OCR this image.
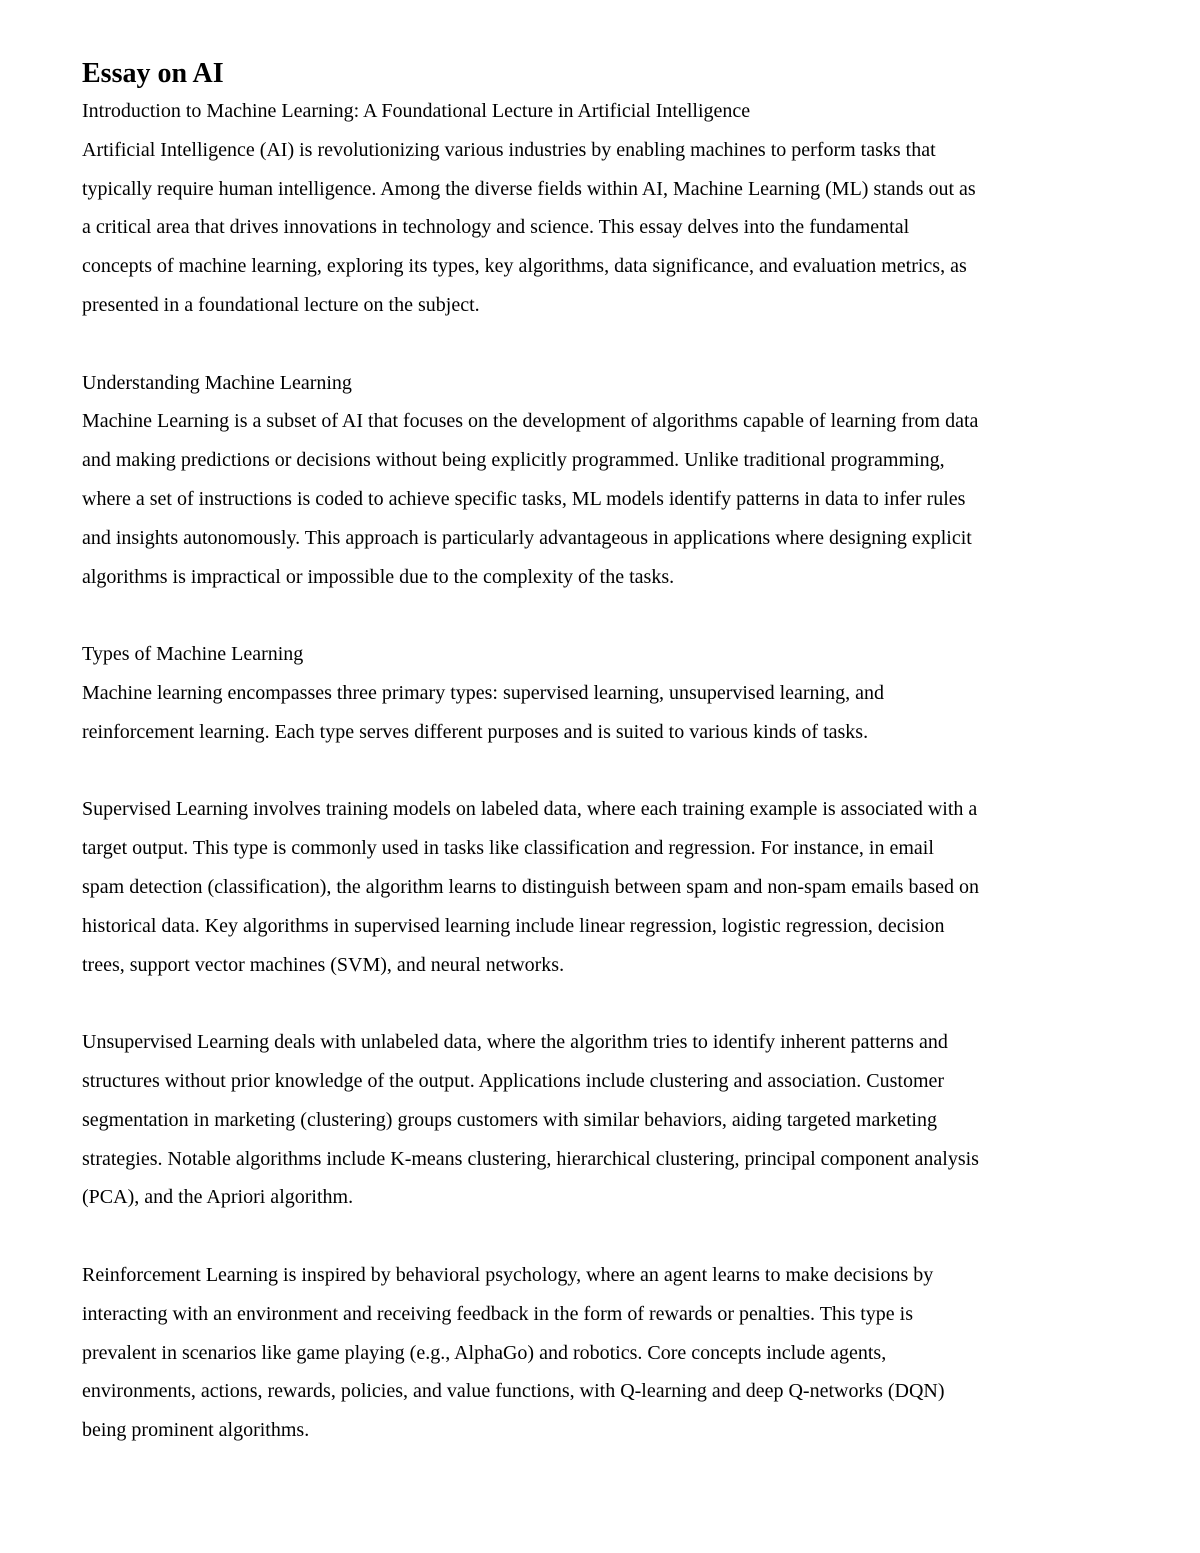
Essay on AI

Introduction to Machine Learning: A Foundational Lecture in Artificial Intelligence

Artificial Intelligence (AI) is revolutionizing various industries by enabling machines to perform tasks that

typically require human intelligence. Among the diverse fields within AI, Machine Learning (ML) stands out as

a critical area that drives innovations in technology and science. This essay delves into the fundamental

concepts of machine learning, exploring its types, key algorithms, data significance, and evaluation metrics, as

presented in a foundational lecture on the subject.

Understanding Machine Learning

Machine Learning is a subset of AI that focuses on the development of algorithms capable of learning from data

and making predictions or decisions without being explicitly programmed. Unlike traditional programming,

where a set of instructions is coded to achieve specific tasks, ML models identify patterns in data to infer rules

and insights autonomously. This approach is particularly advantageous in applications where designing explicit

algorithms is impractical or impossible due to the complexity of the tasks.

Types of Machine Learning

Machine learning encompasses three primary types: supervised learning, unsupervised learning, and

reinforcement learning. Each type serves different purposes and is suited to various kinds of tasks.

Supervised Learning involves training models on labeled data, where each training example is associated with a

target output. This type is commonly used in tasks like classification and regression. For instance, in email

spam detection (classification), the algorithm learns to distinguish between spam and non-spam emails based on

historical data. Key algorithms in supervised learning include linear regression, logistic regression, decision

trees, support vector machines (SVM), and neural networks.

Unsupervised Learning deals with unlabeled data, where the algorithm tries to identify inherent patterns and

structures without prior knowledge of the output. Applications include clustering and association. Customer

segmentation in marketing (clustering) groups customers with similar behaviors, aiding targeted marketing

strategies. Notable algorithms include K-means clustering, hierarchical clustering, principal component analysis

(PCA), and the Apriori algorithm.

Reinforcement Learning is inspired by behavioral psychology, where an agent learns to make decisions by

interacting with an environment and receiving feedback in the form of rewards or penalties. This type is

prevalent in scenarios like game playing (e.g., AlphaGo) and robotics. Core concepts include agents,

environments, actions, rewards, policies, and value functions, with Q-learning and deep Q-networks (DQN)

being prominent algorithms.
